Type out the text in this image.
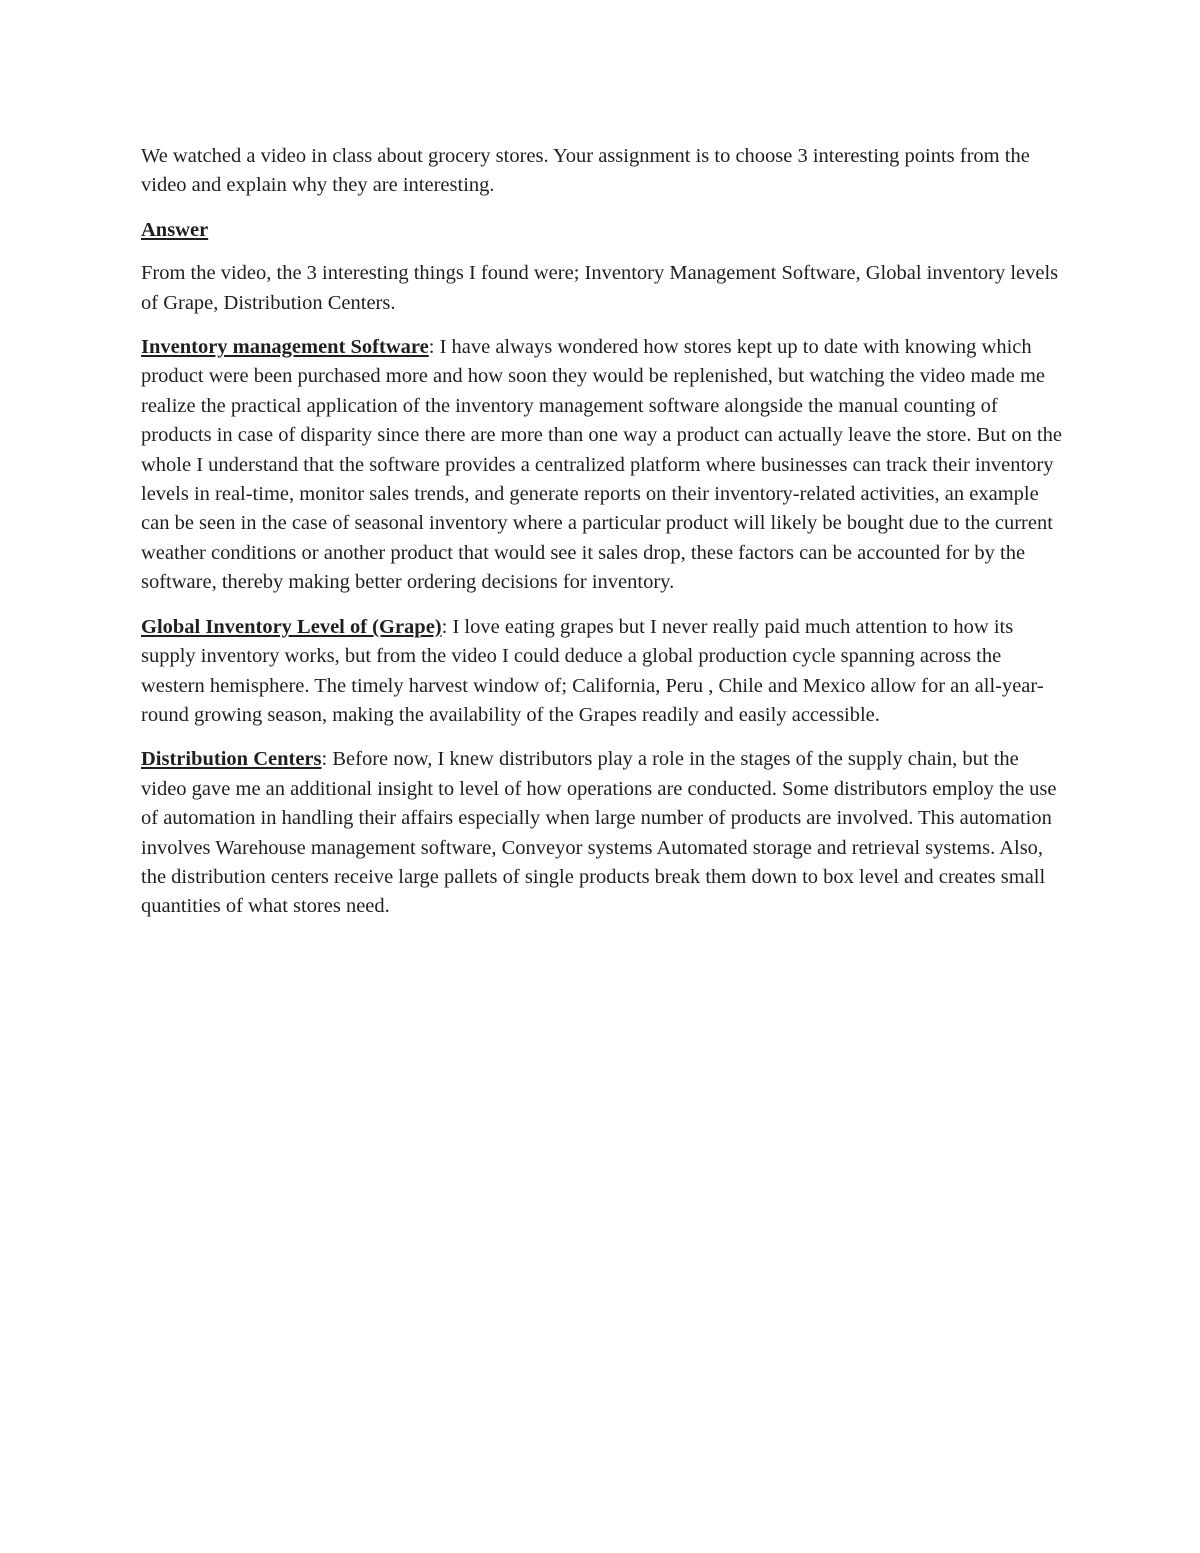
We watched a video in class about grocery stores. Your assignment is to choose 3 interesting points from the video and explain why they are interesting.

Answer

From the video, the 3 interesting things I found were; Inventory Management Software, Global inventory levels of Grape, Distribution Centers.

Inventory management Software: I have always wondered how stores kept up to date with knowing which product were been purchased more and how soon they would be replenished, but watching the video made me realize the practical application of the inventory management software alongside the manual counting of products in case of disparity since there are more than one way a product can actually leave the store. But on the whole I understand that the software provides a centralized platform where businesses can track their inventory levels in real-time, monitor sales trends, and generate reports on their inventory-related activities, an example can be seen in the case of seasonal inventory where a particular product will likely be bought due to the current weather conditions or another product that would see it sales drop, these factors can be accounted for by the software, thereby making better ordering decisions for inventory.

Global Inventory Level of (Grape): I love eating grapes but I never really paid much attention to how its supply inventory works, but from the video I could deduce a global production cycle spanning across the western hemisphere. The timely harvest window of; California, Peru , Chile and Mexico allow for an all-year-round growing season, making the availability of the Grapes readily and easily accessible.

Distribution Centers: Before now, I knew distributors play a role in the stages of the supply chain, but the video gave me an additional insight to level of how operations are conducted. Some distributors employ the use of automation in handling their affairs especially when large number of products are involved. This automation involves Warehouse management software, Conveyor systems Automated storage and retrieval systems. Also, the distribution centers receive large pallets of single products break them down to box level and creates small quantities of what stores need.
